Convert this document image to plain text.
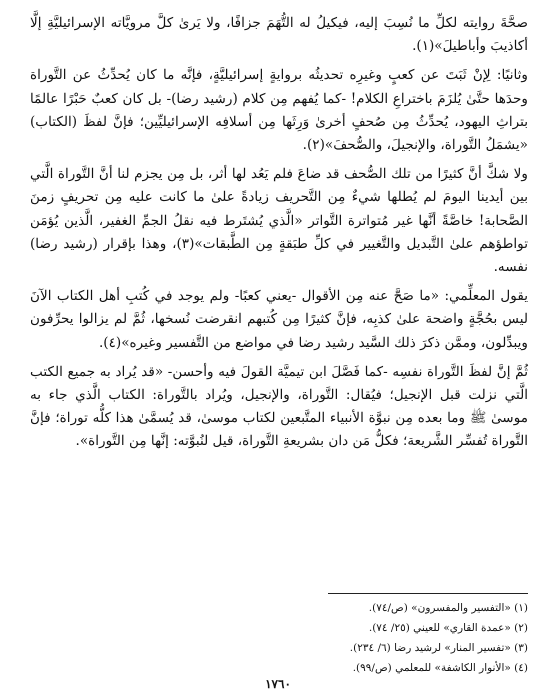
صحَّةَ روايته لكلِّ ما نُسِبَ إليه، فيكيلُ له التُّهَمَ جزافًا، ولا يَرىٰ كلَّ مرويَّاته الإسرائيليَّةِ إلَّا أكاذيبَ وأباطيلَ»(١).

وثانيًا: لِإنْ ثَبَتَ عن كعبٍ وغيرِه تحديثُه بروايةٍ إسرائيليَّةٍ، فإنَّه ما كان يُحدِّثُ عن التَّوراة وحدَها حتَّىٰ يُلزَمَ باختراعِ الكلام! -كما يُفهم مِن كلام (رشيد رضا)- بل كان كعبٌ حَبْرًا عالمًا بتراثِ اليهود، يُحدِّثُ مِن صُحفٍ أخرىٰ وَرِثَها مِن أسلافِه الإسرائيليِّين؛ فإنَّ لفظَ (الكتاب) «يشمَلُ التَّوراة، والإنجيلَ، والصُّحفَ»(٢).

ولا شكَّ أنَّ كثيرًا من تلك الصُّحف قد ضاعَ فلم يَعُد لها أثر، بل مِن يجزم لنا أنَّ التَّوراة الَّتي بين أيدينا اليومَ لم يُطلها شيءٌ مِن التَّحريف زيادةً علىٰ ما كانت عليه مِن تحريفٍ زمنَ الصَّحابة! خاصَّةً أنَّها غير مُتواترة التَّواتر «الَّذي يُشتَرط فيه نقلُ الجمِّ الغفير، الَّذين يُؤمَن تواطؤهم علىٰ التَّبديل والتَّغيير في كلِّ طبَقةٍ مِن الطَّبقات»(٣)، وهذا بإقرار (رشيد رضا) نفسه.

يقول المعلِّمي: «ما صَحَّ عنه مِن الأقوال -يعني كعبًا- ولم يوجد في كُتبِ أهل الكتاب الآنَ ليس بحُجَّةٍ واضحة علىٰ كذبِه، فإنَّ كثيرًا مِن كُتبهم انقرضت نُسخها، ثُمَّ لم يزالوا يحرِّفون ويبدِّلون، وممَّن ذكرَ ذلك السَّيد رشيد رضا في مواضع من التَّفسير وغيره»(٤).

ثُمَّ إنَّ لفظَ التَّوراة نفسِه -كما فَصَّلَ ابن تيميَّة القولَ فيه وأحسن- «قد يُراد به جميع الكتب الَّتي نزلت قبل الإنجيل؛ فيُقال: التَّوراة، والإنجيل، ويُراد بالتَّوراة: الكتاب الَّذي جاء به موسىٰ ﷺ وما بعده مِن نبوَّة الأنبياء المتَّبعين لكتاب موسىٰ، قد يُسمَّىٰ هذا كلُّه توراة؛ فإنَّ التَّوراة تُفسِّر الشَّريعة؛ فكلُّ مَن دان بشريعةِ التَّوراة، قيل لنُبوَّته: إنَّها مِن التَّوراة».

(١) «التفسير والمفسرون» (ص/٧٤).

(٢) «عمدة القاري» للعيني (٢٥/ ٧٤).

(٣) «تفسير المنار» لرشيد رضا (٦/ ٢٣٤).

(٤) «الأنوار الكاشفة» للمعلمي (ص/٩٩).

١٧٦٠
